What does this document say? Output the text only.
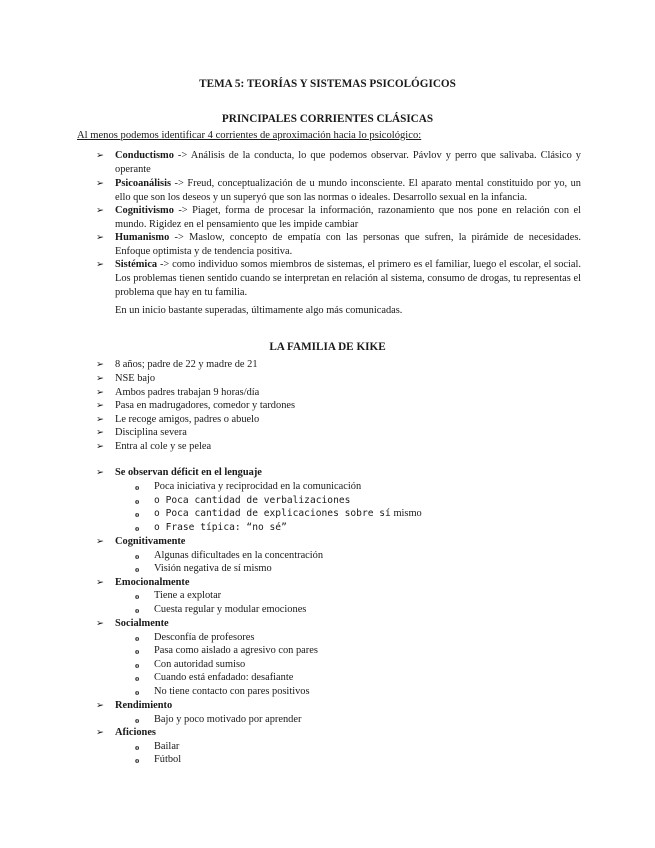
TEMA 5: TEORÍAS Y SISTEMAS PSICOLÓGICOS
PRINCIPALES CORRIENTES CLÁSICAS
Al menos podemos identificar 4 corrientes de aproximación hacia lo psicológico:
➢ Conductismo -> Análisis de la conducta, lo que podemos observar. Pávlov y perro que salivaba. Clásico y operante
➢ Psicoanálisis -> Freud, conceptualización de u mundo inconsciente. El aparato mental constituido por yo, un ello que son los deseos y un superyó que son las normas o ideales. Desarrollo sexual en la infancia.
➢ Cognitivismo -> Piaget, forma de procesar la información, razonamiento que nos pone en relación con el mundo. Rigidez en el pensamiento que les impide cambiar
➢ Humanismo -> Maslow, concepto de empatía con las personas que sufren, la pirámide de necesidades. Enfoque optimista y de tendencia positiva.
➢ Sistémica -> como individuo somos miembros de sistemas, el primero es el familiar, luego el escolar, el social. Los problemas tienen sentido cuando se interpretan en relación al sistema, consumo de drogas, tu representas el problema que hay en tu familia.
En un inicio bastante superadas, últimamente algo más comunicadas.
LA FAMILIA DE KIKE
➢ 8 años; padre de 22 y madre de 21
➢ NSE bajo
➢ Ambos padres trabajan 9 horas/día
➢ Pasa en madrugadores, comedor y tardones
➢ Le recoge amigos, padres o abuelo
➢ Disciplina severa
➢ Entra al cole y se pelea
➢ Se observan déficit en el lenguaje
o Poca iniciativa y reciprocidad en la comunicación
o o Poca cantidad de verbalizaciones
o o Poca cantidad de explicaciones sobre sí mismo
o o Frase típica: “no sé”
➢ Cognitivamente
o Algunas dificultades en la concentración
o Visión negativa de sí mismo
➢ Emocionalmente
o Tiene a explotar
o Cuesta regular y modular emociones
➢ Socialmente
o Desconfía de profesores
o Pasa como aislado a agresivo con pares
o Con autoridad sumiso
o Cuando está enfadado: desafiante
o No tiene contacto con pares positivos
➢ Rendimiento
o Bajo y poco motivado por aprender
➢ Aficiones
o Bailar
o Fútbol
